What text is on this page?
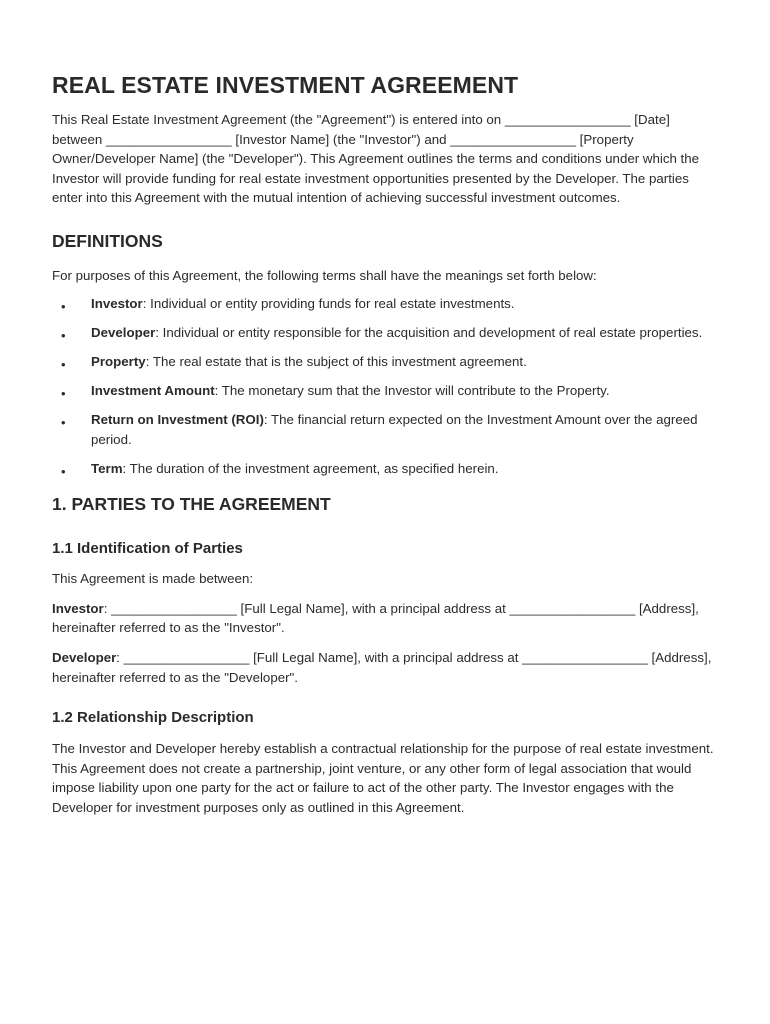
REAL ESTATE INVESTMENT AGREEMENT

This Real Estate Investment Agreement (the "Agreement") is entered into on _________________ [Date] between _________________ [Investor Name] (the "Investor") and _________________ [Property Owner/Developer Name] (the "Developer"). This Agreement outlines the terms and conditions under which the Investor will provide funding for real estate investment opportunities presented by the Developer. The parties enter into this Agreement with the mutual intention of achieving successful investment outcomes.

DEFINITIONS

For purposes of this Agreement, the following terms shall have the meanings set forth below:

• Investor: Individual or entity providing funds for real estate investments.
• Developer: Individual or entity responsible for the acquisition and development of real estate properties.
• Property: The real estate that is the subject of this investment agreement.
• Investment Amount: The monetary sum that the Investor will contribute to the Property.
• Return on Investment (ROI): The financial return expected on the Investment Amount over the agreed period.
• Term: The duration of the investment agreement, as specified herein.
1. PARTIES TO THE AGREEMENT
1.1 Identification of Parties

This Agreement is made between:

Investor: _________________ [Full Legal Name], with a principal address at _________________ [Address], hereinafter referred to as the "Investor".

Developer: _________________ [Full Legal Name], with a principal address at _________________ [Address], hereinafter referred to as the "Developer".

1.2 Relationship Description

The Investor and Developer hereby establish a contractual relationship for the purpose of real estate investment. This Agreement does not create a partnership, joint venture, or any other form of legal association that would impose liability upon one party for the act or failure to act of the other party. The Investor engages with the Developer for investment purposes only as outlined in this Agreement.
